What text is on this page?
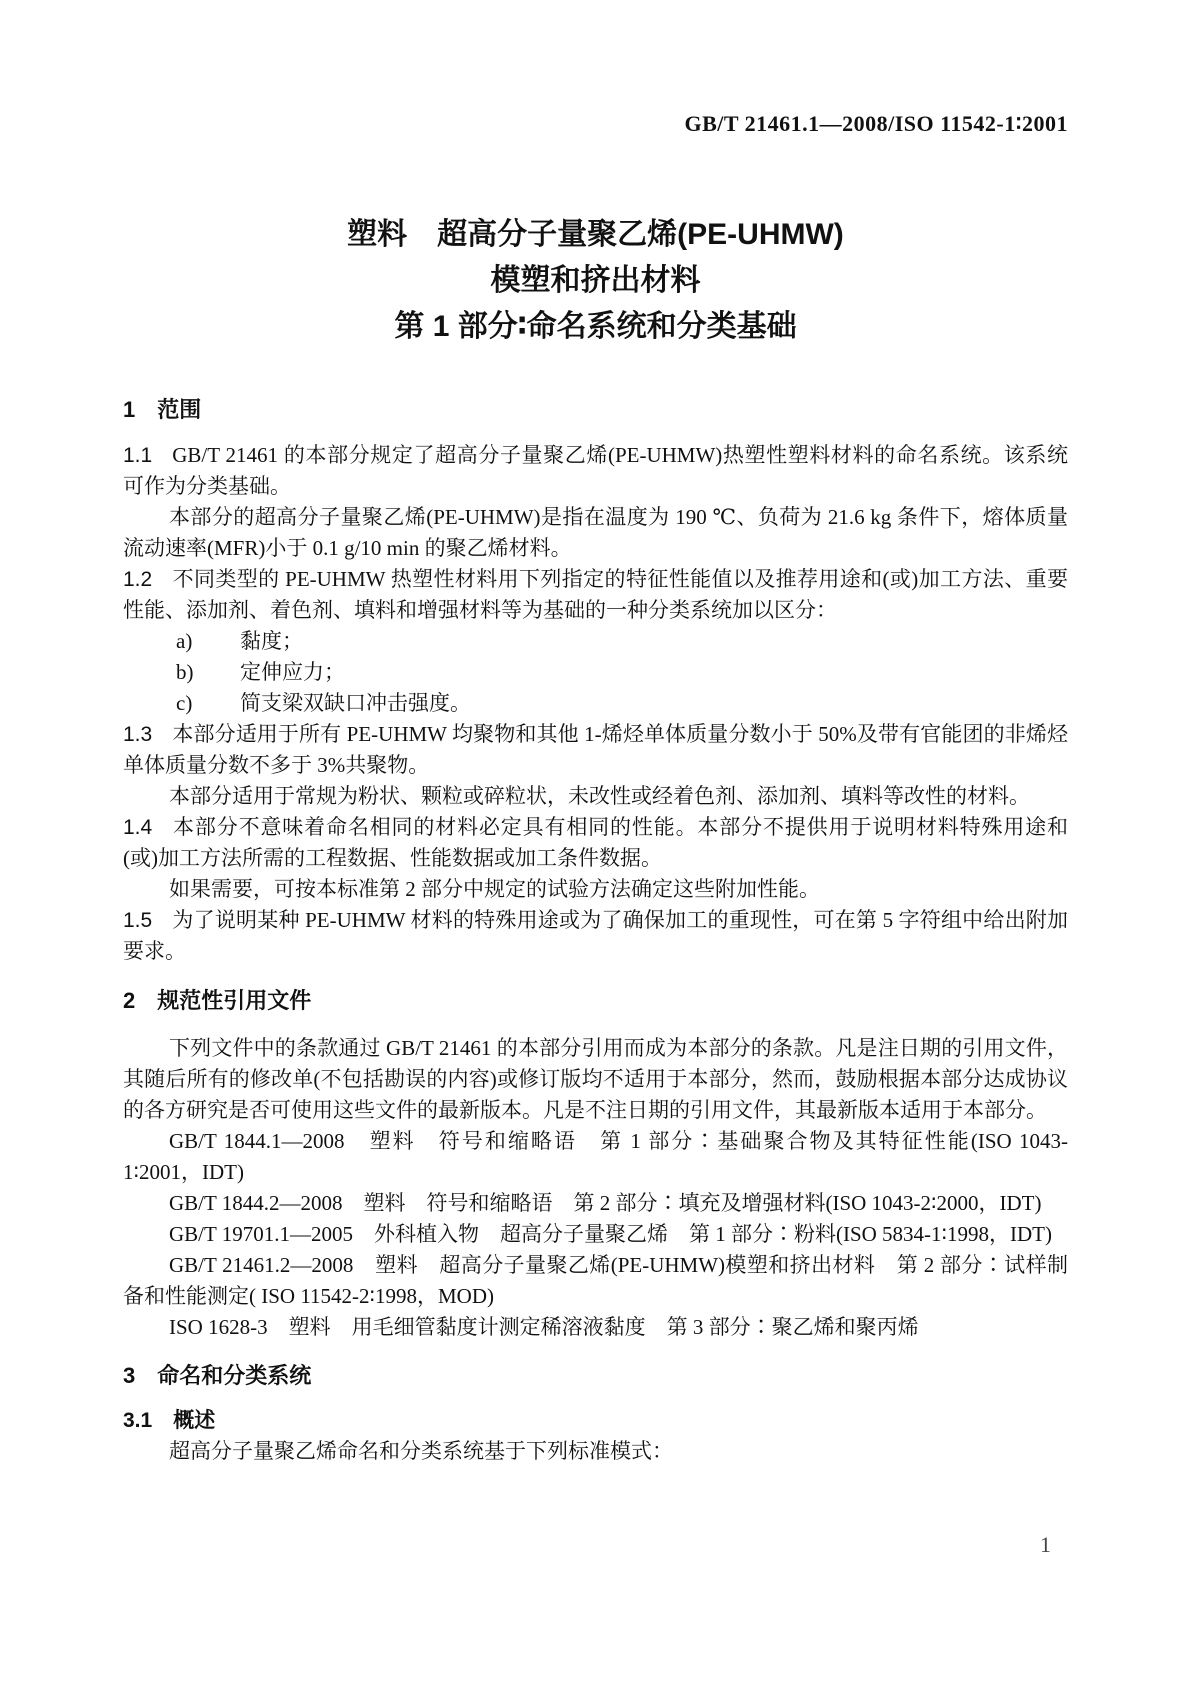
GB/T 21461.1—2008/ISO 11542-1∶2001
塑料　超高分子量聚乙烯(PE-UHMW)
模塑和挤出材料
第 1 部分∶命名系统和分类基础
1　范围

1.1 GB/T 21461 的本部分规定了超高分子量聚乙烯(PE-UHMW)热塑性塑料材料的命名系统。该系统可作为分类基础。

本部分的超高分子量聚乙烯(PE-UHMW)是指在温度为 190 ℃、负荷为 21.6 kg 条件下，熔体质量流动速率(MFR)小于 0.1 g/10 min 的聚乙烯材料。

1.2 不同类型的 PE-UHMW 热塑性材料用下列指定的特征性能值以及推荐用途和(或)加工方法、重要性能、添加剂、着色剂、填料和增强材料等为基础的一种分类系统加以区分：

a) 黏度；

b) 定伸应力；

c) 简支梁双缺口冲击强度。

1.3 本部分适用于所有 PE-UHMW 均聚物和其他 1-烯烃单体质量分数小于 50%及带有官能团的非烯烃单体质量分数不多于 3%共聚物。

本部分适用于常规为粉状、颗粒或碎粒状，未改性或经着色剂、添加剂、填料等改性的材料。

1.4 本部分不意味着命名相同的材料必定具有相同的性能。本部分不提供用于说明材料特殊用途和(或)加工方法所需的工程数据、性能数据或加工条件数据。

如果需要，可按本标准第 2 部分中规定的试验方法确定这些附加性能。

1.5 为了说明某种 PE-UHMW 材料的特殊用途或为了确保加工的重现性，可在第 5 字符组中给出附加要求。

2　规范性引用文件

下列文件中的条款通过 GB/T 21461 的本部分引用而成为本部分的条款。凡是注日期的引用文件，其随后所有的修改单(不包括勘误的内容)或修订版均不适用于本部分，然而，鼓励根据本部分达成协议的各方研究是否可使用这些文件的最新版本。凡是不注日期的引用文件，其最新版本适用于本部分。

GB/T 1844.1—2008　塑料　符号和缩略语　第 1 部分∶基础聚合物及其特征性能(ISO 1043-1∶2001，IDT)

GB/T 1844.2—2008　塑料　符号和缩略语　第 2 部分∶填充及增强材料(ISO 1043-2∶2000，IDT)

GB/T 19701.1—2005　外科植入物　超高分子量聚乙烯　第 1 部分∶粉料(ISO 5834-1∶1998，IDT)

GB/T 21461.2—2008　塑料　超高分子量聚乙烯(PE-UHMW)模塑和挤出材料　第 2 部分∶试样制备和性能测定( ISO 11542-2∶1998，MOD)

ISO 1628-3　塑料　用毛细管黏度计测定稀溶液黏度　第 3 部分∶聚乙烯和聚丙烯

3　命名和分类系统
3.1　概述

超高分子量聚乙烯命名和分类系统基于下列标准模式：

1
